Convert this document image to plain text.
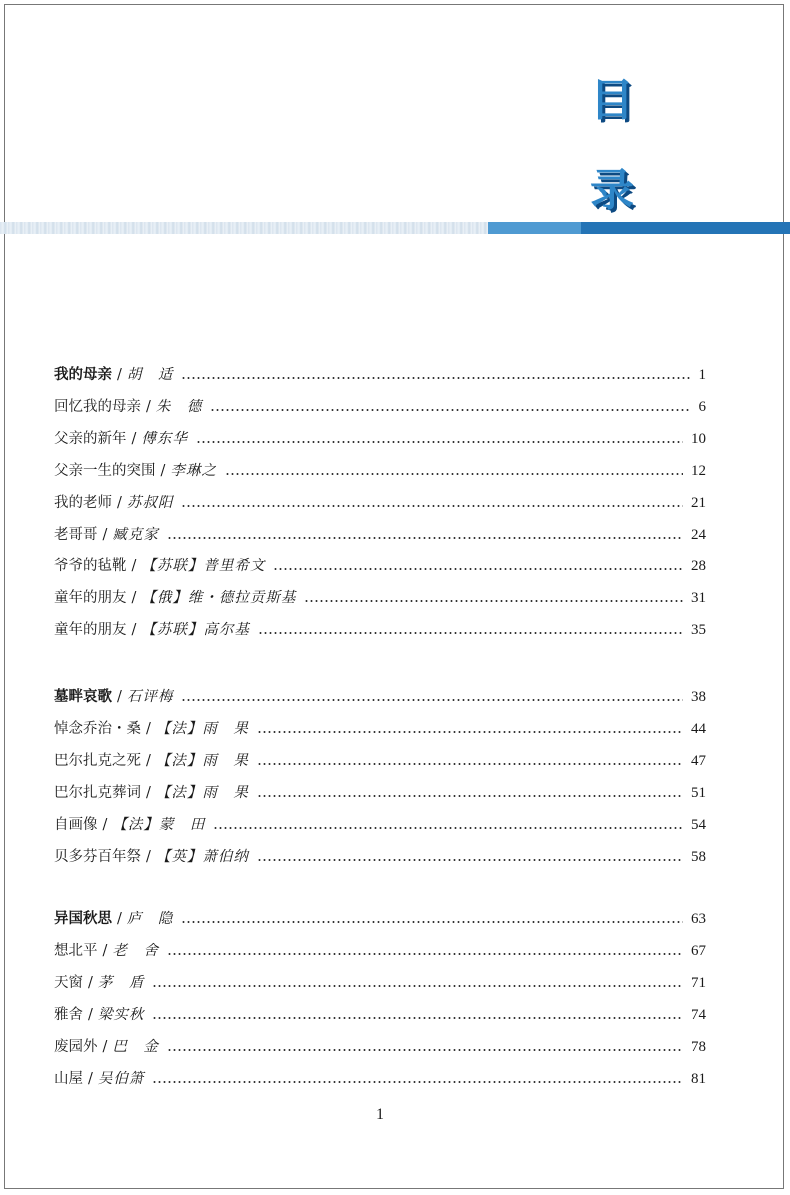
目
录
我的母亲 / 胡　适	1
回忆我的母亲 / 朱　德	6
父亲的新年 / 傅东华	10
父亲一生的突围 / 李琳之	12
我的老师 / 苏叔阳	21
老哥哥 / 臧克家	24
爷爷的毡靴 / 【苏联】普里希文	28
童年的朋友 / 【俄】维・德拉贡斯基	31
童年的朋友 / 【苏联】高尔基	35
墓畔哀歌 / 石评梅	38
悼念乔治・桑 / 【法】雨　果	44
巴尔扎克之死 / 【法】雨　果	47
巴尔扎克葬词 / 【法】雨　果	51
自画像 / 【法】蒙　田	54
贝多芬百年祭 / 【英】萧伯纳	58
异国秋思 / 庐　隐	63
想北平 / 老　舍	67
天窗 / 茅　盾	71
雅舍 / 梁实秋	74
废园外 / 巴　金	78
山屋 / 吴伯箫	81
1
